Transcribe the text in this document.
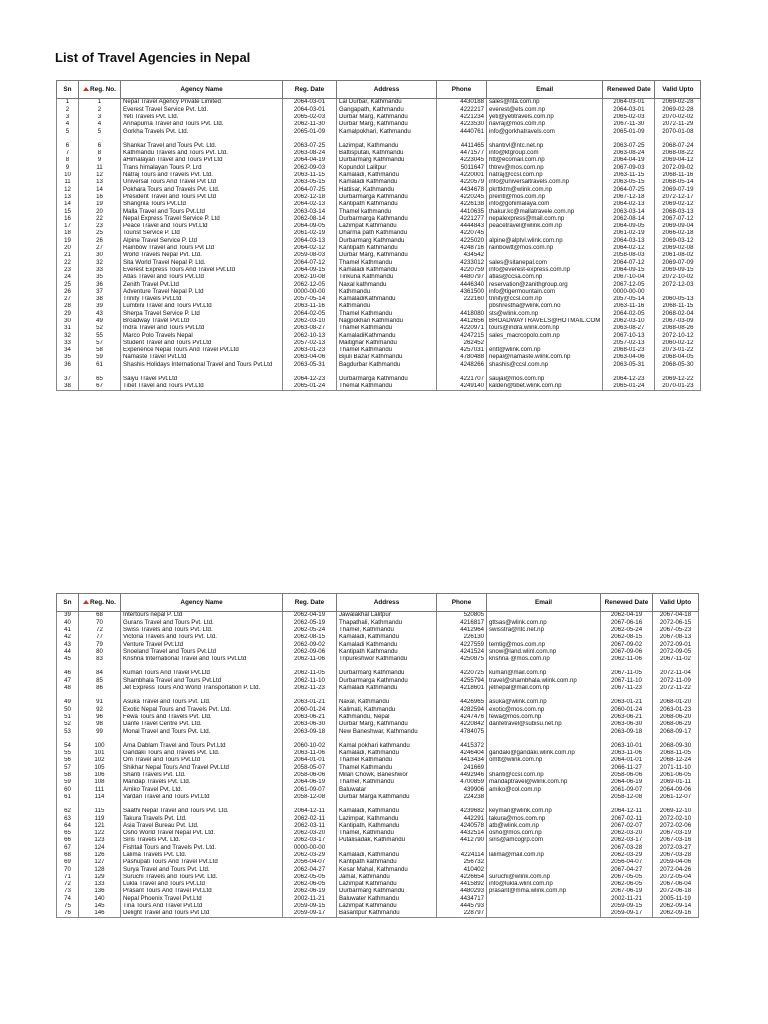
List of Travel Agencies in Nepal
Sn	Reg. No.	Agency Name	Reg. Date	Address	Phone	Email	Renewed Date	Valid Upto
1	1	Nepal Travel Agency Private Limited	2064-03-01	Lal Durbar, Kathmandu	4430188	sales@nta.com.np	2064-03-01	2069-02-28
2	2	Everest Travel Service Pvt. Ltd.	2064-03-01	Gangapath, Kathmandu	4222217	everest@ets.com.np	2064-03-01	2069-02-28
3	3	Yeti Travels Pvt. Ltd.	2065-02-03	Durbar Marg, Kathmandu	4221234	yeti@yetitravels.com.np	2065-02-03	2070-02-02
4	4	Annapurna Travel and Tours Pvt. Ltd.	2062-11-30	Durbar Marg, Kathmandu	4223530	navraj@mos.com.np	2067-11-30	2072-11-29
5	5	Gorkha Travels Pvt. Ltd.	2065-01-09	Kamalpokhari, Kathmandu	4440761	info@gorkhatravels.com	2065-01-09	2070-01-08

6	6	Shankar Travel and Tours Pvt. Ltd.	2063-07-25	Lazimpat, Kathmandu	4411465	shantrvl@ntc.net.np	2063-07-25	2068-07-24
7	8	Kathmandu Travels and Tours Pvt. Ltd.	2063-08-24	Battisputali, Kathmandu	4471577	info@ktgroup.com	2063-08-24	2068-08-22
8	9	aHimalayan Travel and Tours Pvt Ltd	2064-04-19	Durbarmarg Kathmandu	4223045	htt@ecomail.com.np	2064-04-19	2069-04-12
9	11	Trans himalayan Tours P. Lrd	2062-09-03	Kopundol Lalitpur	5011647	thtrev@mos.com.np	2067-09-03	2072-09-02
10	12	Natraj Tours and Travels Pvt. Ltd.	2063-11-15	Kamaladi, Kathmandu	4220001	natraj@ccsl.com.np	2063-11-15	2068-11-16
11	13	Universal Tours And Travel Pvt Ltd	2063-05-15	Kamaladi Kathmandu	4220579	info@universaltravels.com.np	2063-05-15	2068-05-14
12	14	Pokhara Tours and Travels Pvt. Ltd.	2064-07-25	Hattisar, Kathmandu	4434678	pkrttktm@wlink.com.np	2064-07-25	2069-07-19
13	16	President Travel and Tours Pvt Ltd	2062-12-18	Durbarmarga Kathmandu	4220245	preintl@mos.com.np	2067-12-18	2072-12-17
14	19	Shangrila Tours Pvt.Ltd	2064-02-13	Kantipath Kathmandu	4226138	info@gohimalaya.com	2064-02-13	2069-02-12
15	20	Malla Travel and Tours Pvt.Ltd	2063-03-14	Thamel kathmandu	4410635	thakur.kc@mallatravele.com.np	2063-03-14	2068-03-13
16	22	Nepal Express Travel Service P. Ltd	2062-08-14	Durbarmarga Kathmandu	4221277	nepalexpress@mail.com.np	2062-08-14	2067-07-12
17	23	Peace Travel and Tours Pvt.Ltd	2064-09-05	Lazimpat Kathmandu	4444843	peacetravel@wlink.com.np	2064-09-05	2069-09-04
18	25	Tourist Service P. Ltd	2061-02-19	Dharma path Kathmandu	4220745		2061-02-19	2066-02-18
19	26	Alpine Travel Service P. Ltd	2064-03-13	Durbarmarg Kathmandu	4225020	alpine@alptvl.wlink.com.np	2064-03-13	2069-03-12
20	27	Rainbow Travel and Tours Pvt Ltd	2064-02-12	Kantipath Kathmandu	4248716	rainbowtt@mos.com.np	2064-02-12	2069-02-08
21	30	World Travels Nepal Pvt. Ltd.	2059-08-03	Durbar Marg, Kathmandu	434542		2058-08-03	2061-08-02
22	32	Sita World Travel Nepal P. Ltd.	2064-07-12	Thamel Kathmandu	4233012	sales@sitanepal.com	2064-07-12	2069-07-09
23	33	Everest Express Tours And Travel Pvt.Ltd	2064-09-15	Kamaladi Kathmandu	4220759	info@everest-express.com.np	2064-09-15	2069-09-15
24	35	Atlas Travel and Tours Pvt.Ltd	2062-10-08	Tinkuna Kathmandu	4480797	atlas@ccsa.com.np	2067-10-04	2072-10-02
25	36	Zenith Travel Pvt.Ltd	2062-12-05	Naxal kathmandu	4446340	reservation@zanithgroup.org	2067-12-05	2072-12-03
26	37	Adventure Travel Nepal P. Ltd	0000-00-00	Kathmandu	4361500	info@tigermountain.com	0000-00-00	
27	38	Trinity Travels Pvt.Ltd	2057-05-14	KamaladiKathmandu	222160	trinity@ccsl.com.np	2057-05-14	2060-05-13
28	39	Lumbini Travel and Tours Pvt.Ltd	2063-11-16	Kathmandu		pbshrestha@wlink.com.no	2063-11-16	2068-11-15
29	43	Sherpa Travel Service P. Ltd	2064-02-05	Thamel Kathmandu	4418080	sts@wlink.com.np	2064-02-05	2068-02-04
30	49	Broadway Travel Pvt.Ltd	2062-03-10	Nagpokhari Kathmandu	4412656	BROADWAYTRAVELS@HOTMAIL.COM	2062-03-10	2067-03-09
31	52	Indra Travel and Tours Pvt.Ltd	2063-08-27	Thamel Kathmandu	4220971	tours@indra.wlink.com.np	2063-08-27	2068-08-26
32	55	Marco Polo Travels Nepal	2062-10-13	KamaladiKathmandu	4247215	sales_macrcopolo.com.np	2067-10-13	2072-10-12
33	57	Student Travel and Tours Pvt.Ltd	2057-02-13	Maitighar Kathmandu	262452		2057-02-13	2060-02-12
34	58	Experience Nepal Tours And Travel Pvt.Ltd	2063-01-23	Thamel Kathmandu	4257031	entt@wlink.com.np	2068-01-23	2073-01-22
35	59	Namaste Travel Pvt.Ltd	2063-04-06	Bijuli Bazar Kathmandu	4780488	nepal@namaste.wlink.com.np	2063-04-06	2068-04-05
36	61	Shashis Holidays International Travel and Tours Pvt.Ltd	2063-05-31	Bagdurbar Kathmandu	4248266	shashis@ccsl.com.np	2063-05-31	2068-05-30

37	65	Saiyu Travel Pvt.Ltd	2064-12-23	Durbarmarga Kathmandu	4221707	saujai@mos.com.np	2064-12-23	2069-12-22
38	67	Tibet Travel and Tours Pvt.Ltd	2065-01-24	Themal Kathmandu	4249140	kalden@tibet.wlink.com.np	2065-01-24	2070-01-23
Sn	Reg. No.	Agency Name	Reg. Date	Address	Phone	Email	Renewed Date	Valid Upto
39	68	Intertours nepal P. Ltd	2062-04-19	Jawalakhal Lalitpur	520805		2062-04-19	2067-04-18
40	70	Gurans Travel and Tours Pvt. Ltd.	2062-05-19	Thapathali, Kathmandu	4216817	gttsas@wlink.com.np	2067-06-16	2072-06-15
41	72	Swiss Travels and Tours Pvt. Ltd.	2062-05-24	Thamel, Kathmandu	4412964	swisstra@ntc.net.np	2062-05-24	2067-05-23
42	77	Victoria Travels and Tours Pvt. Ltd.	2062-08-15	Kamaladi, Kathmandu	226130		2062-08-15	2067-08-13
43	79	Venture Travel Pvt.Ltd	2062-09-02	Kamaladi Kathmandu	4227559	temtig@mos.com.np	2067-09-02	2072-09-01
44	80	Snoeland Travel and Tours Pvt.Ltd	2062-09-06	Kantipath Kathmandu	4241524	snow@land.wlinl.com.np	2067-09-06	2072-09-05
45	83	Krishna International Travel and Tours Pvt.Ltd	2062-11-06	Tripureshwor Kathmandu	4250875	krishna @mos.com.np	2062-11-06	2067-11-02

46	84	Kumari Tours And Travel Pvt.Ltd	2062-11-05	Durbarmarg Kathmandu	4220725	kumari@mail.com.np	2067-11-05	2072-11-04
47	85	Shambhala Travel and Tours Pvt.Ltd	2062-11-10	Durbarmarga Kathmandu	4255794	travel@shambhala.wlink.com.np	2067-11-10	2072-11-09
48	86	Jet Express Tours And World Transportation P. Ltd.	2062-11-23	Kamaladi Kathmandu	4218601	jetnepal@mail.com.np	2067-11-23	2072-11-22

49	91	Asuka Travel and Tours Pvt. Ltd.	2063-01-21	Naxal, Kathmandu	4426965	asuka@wlink.com.np	2063-01-21	2068-01-20
50	92	Exotic Nepal Tours and Travels Pvt. Ltd.	2060-01-24	Kalimati, Kathmandu	4282594	exotic@mos.com.np	2060-01-24	2063-01-23
51	96	Fewa Tours and Travels Pvt. Ltd.	2063-06-21	Kathmandu, Nepal	4247476	fewa@mos.com.np	2063-06-21	2068-06-20
52	98	Danfe Travel Centre Pvt. Ltd.	2063-06-30	Durbar Marg, Kathmandu	4220842	danfetravel@subisu.net.np	2063-06-30	2068-06-29
53	99	Monal Travel and Tours Pvt. Ltd.	2063-09-18	New Baneshwar, Kathmandu	4784075		2063-09-18	2068-09-17

54	100	Ama Dablam Travel and Tours Pvt.Ltd	2060-10-02	Kamal pokhari kathmandu	4415372		2063-10-01	2068-09-30
55	101	Gandaki Tours and Travels Pvt. Ltd.	2063-11-06	Kamaladi, Kathmandu	4246404	gandaki@gandaki.wlink.com.np	2063-11-06	2068-11-05
56	102	Om Travel and Tours Pvt.Ltd	2064-01-01	Thamel Kathmandu	4413434	omtt@wlink.com.np	2064-01-01	2068-12-24
57	105	Shikhar Nepal Tours And Travel Pvt.Ltd	2058-05-07	Thamel Kathmandu	241669		2066-11-27	2071-11-10
58	106	Shanti Travels Pvt. Ltd.	2058-06-06	Milan Chowk, Baneshwor	4492946	shanti@ccsl.com.np	2058-06-06	2061-06-05
59	108	Mandap Travels Pvt. Ltd.	2064-06-19	Thamel, Kathmandu	4700859	mandaptravel@wlink.com.np	2064-06-19	2069-01-11
60	111	Amiko Travel Pvt. Ltd.	2061-09-07	Baluwatar	439906	amiko@col.com.np	2061-09-07	2064-09-06
61	114	Vardan Travel and Tours Pvt.Ltd	2058-12-08	Durbar Marga Kathmandu	224238		2058-12-08	2061-12-07

62	115	Saathi Nepal Travel and Tours Pvt. Ltd.	2064-12-11	Kamaladi, Kathmandu	4239682	keyman@wlink.com.np	2064-12-11	2069-12-10
63	119	Takura Travels Pvt. Ltd.	2062-02-11	Lazimpat, Kathmandu	442291	takura@mos.com.np	2067-02-11	2072-02-10
64	121	Asia Travel Bureau Pvt. Ltd.	2062-03-11	Kantipath, Kathmandu	4240578	atb@wlink.com.np	2067-02-07	2072-02-06
65	122	Osho World Travel Nepal Pvt. Ltd.	2062-03-20	Thamel, Kathmandu	4432514	osho@mos.com.np	2062-03-20	2067-03-19
66	123	Siris Travels Pvt. Ltd.	2062-03-17	Putalisadak, Kathmandu	4412790	siris@amcogrp.com	2062-03-17	2067-03-16
67	124	Fishtail Tours and Travels Pvt. Ltd.	0000-00-00				2067-03-28	2072-03-27
68	126	Lalima Travels Pvt. Ltd.	2062-03-29	Kamaladi, Kathmandu	4224114	lalima@mail.com.np	2062-03-29	2067-03-28
69	127	Pashupati Tours And Travel Pvt.Ltd	2056-04-07	Kantipath kathmandu	256732		2056-04-07	2059-04-06
70	128	Surya Travel and Tours Pvt. Ltd.	2062-04-27	Kesar Mahal, Kathmandu	410402		2067-04-27	2072-04-26
71	129	Suruchi Travels and Tours Pvt. Ltd.	2062-05-05	Jamal, Kathmandu	4226654	suruchi@wlink.com.np	2067-05-05	2072-05-04
72	133	Lukla Travel and Tours Pvt.Ltd	2062-06-05	Lazimpat Kathmandu	4415892	info@lukla.wlinl.com.np	2062-06-05	2067-06-04
73	136	Prasant Tours And Travel Pvt.Ltd	2062-06-19	Durbarmarg Kathmandu	4480293	prasant@mma.wlink.com.np	2067-06-19	2072-06-18
74	140	Nepal Phoenix Travel Pvt.Ltd	2002-11-21	Baluwater Kathmandu	4434717		2002-11-21	2005-11-19
75	145	Tina Tours And Travel Pvt.Ltd	2059-09-15	Lazimpat Kathmandu	4445793		2059-09-15	2062-09-14
76	146	Delight Travel and Tours Pvt Ltd	2059-09-17	Basantpur Kathmandu	228797		2059-09-17	2062-09-16
